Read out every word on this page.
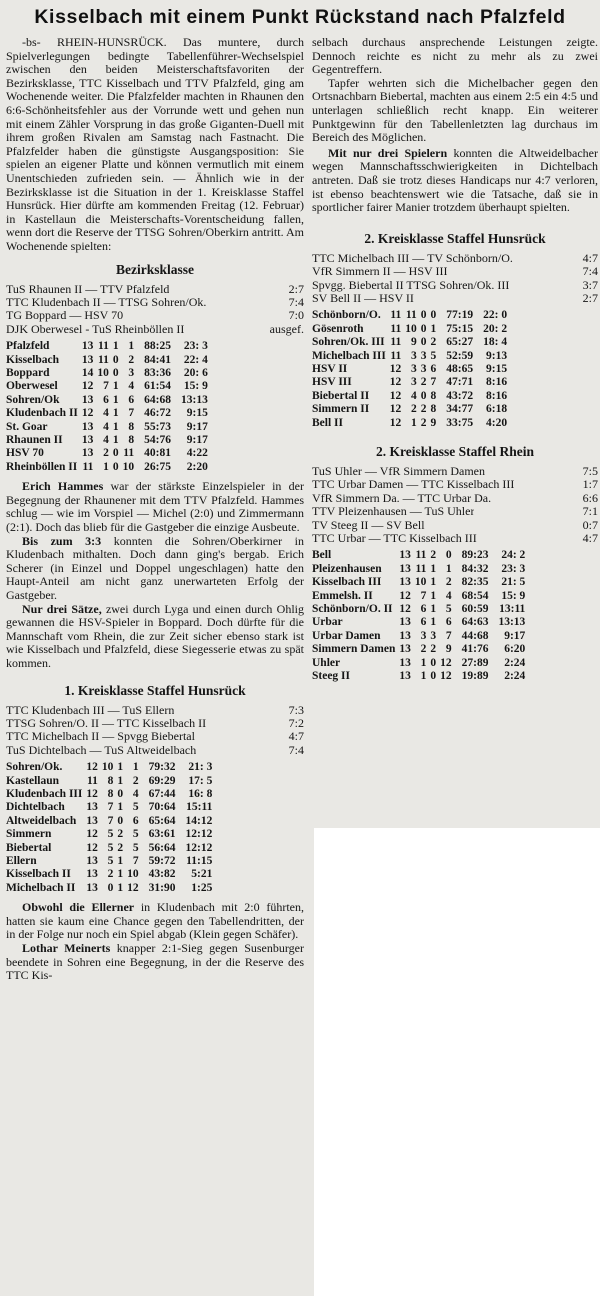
Kisselbach mit einem Punkt Rückstand nach Pfalzfeld

-bs- RHEIN-HUNSRÜCK. Das muntere, durch Spielverlegungen bedingte Tabellenführer-Wechselspiel zwischen den beiden Meisterschaftsfavoriten der Bezirksklasse, TTC Kisselbach und TTV Pfalzfeld, ging am Wochenende weiter. Die Pfalzfelder machten in Rhaunen den 6:6-Schönheitsfehler aus der Vorrunde wett und gehen nun mit einem Zähler Vorsprung in das große Giganten-Duell mit ihrem großen Rivalen am Samstag nach Fastnacht. Die Pfalzfelder haben die günstigste Ausgangsposition: Sie spielen an eigener Platte und können vermutlich mit einem Unentschieden zufrieden sein. — Ähnlich wie in der Bezirksklasse ist die Situation in der 1. Kreisklasse Staffel Hunsrück. Hier dürfte am kommenden Freitag (12. Februar) in Kastellaun die Meisterschafts-Vorentscheidung fallen, wenn dort die Reserve der TTSG Sohren/Oberkirn antritt. Am Wochenende spielten:

Bezirksklasse
TuS Rhaunen II — TTV Pfalzfeld	2:7
TTC Kludenbach II — TTSG Sohren/Ok.	7:4
TG Boppard — HSV 70	7:0
DJK Oberwesel - TuS Rheinböllen II	ausgef.
Pfalzfeld	13	11	1	1	88:25	23: 3
Kisselbach	13	11	0	2	84:41	22: 4
Boppard	14	10	0	3	83:36	20: 6
Oberwesel	12	7	1	4	61:54	15: 9
Sohren/Ok	13	6	1	6	64:68	13:13
Kludenbach II	12	4	1	7	46:72	9:15
St. Goar	13	4	1	8	55:73	9:17
Rhaunen II	13	4	1	8	54:76	9:17
HSV 70	13	2	0	11	40:81	4:22
Rheinböllen II	11	1	0	10	26:75	2:20

Erich Hammes war der stärkste Einzelspieler in der Begegnung der Rhaunener mit dem TTV Pfalzfeld. Hammes schlug — wie im Vorspiel — Michel (2:0) und Zimmermann (2:1). Doch das blieb für die Gastgeber die einzige Ausbeute.

Bis zum 3:3 konnten die Sohren/Oberkirner in Kludenbach mithalten. Doch dann ging's bergab. Erich Scherer (in Einzel und Doppel ungeschlagen) hatte den Haupt-Anteil am nicht ganz unerwarteten Erfolg der Gastgeber.

Nur drei Sätze, zwei durch Lyga und einen durch Ohlig gewannen die HSV-Spieler in Boppard. Doch dürfte für die Mannschaft vom Rhein, die zur Zeit sicher ebenso stark ist wie Kisselbach und Pfalzfeld, diese Siegesserie etwas zu spät kommen.

1. Kreisklasse Staffel Hunsrück
TTC Kludenbach III — TuS Ellern	7:3
TTSG Sohren/O. II — TTC Kisselbach II	7:2
TTC Michelbach II — Spvgg Biebertal	4:7
TuS Dichtelbach — TuS Altweidelbach	7:4
Sohren/Ok.	12	10	1	1	79:32	21: 3
Kastellaun	11	8	1	2	69:29	17: 5
Kludenbach III	12	8	0	4	67:44	16: 8
Dichtelbach	13	7	1	5	70:64	15:11
Altweidelbach	13	7	0	6	65:64	14:12
Simmern	12	5	2	5	63:61	12:12
Biebertal	12	5	2	5	56:64	12:12
Ellern	13	5	1	7	59:72	11:15
Kisselbach II	13	2	1	10	43:82	5:21
Michelbach II	13	0	1	12	31:90	1:25

Obwohl die Ellerner in Kludenbach mit 2:0 führten, hatten sie kaum eine Chance gegen den Tabellendritten, der in der Folge nur noch ein Spiel abgab (Klein gegen Schäfer).

Lothar Meinerts knapper 2:1-Sieg gegen Susenburger beendete in Sohren eine Begegnung, in der die Reserve des TTC Kis-

selbach durchaus ansprechende Leistungen zeigte. Dennoch reichte es nicht zu mehr als zu zwei Gegentreffern.

Tapfer wehrten sich die Michelbacher gegen den Ortsnachbarn Biebertal, machten aus einem 2:5 ein 4:5 und unterlagen schließlich recht knapp. Ein weiterer Punktgewinn für den Tabellenletzten lag durchaus im Bereich des Möglichen.

Mit nur drei Spielern konnten die Altweidelbacher wegen Mannschaftsschwierigkeiten in Dichtelbach antreten. Daß sie trotz dieses Handicaps nur 4:7 verloren, ist ebenso beachtenswert wie die Tatsache, daß sie in sportlicher fairer Manier trotzdem überhaupt spielten.

2. Kreisklasse Staffel Hunsrück
TTC Michelbach III — TV Schönborn/O.	4:7
VfR Simmern II — HSV III	7:4
Spvgg. Biebertal II TTSG Sohren/Ok. III	3:7
SV Bell II — HSV II	2:7
Schönborn/O.	11	11	0	0	77:19	22: 0
Gösenroth	11	10	0	1	75:15	20: 2
Sohren/Ok. III	11	9	0	2	65:27	18: 4
Michelbach III	11	3	3	5	52:59	9:13
HSV II	12	3	3	6	48:65	9:15
HSV III	12	3	2	7	47:71	8:16
Biebertal II	12	4	0	8	43:72	8:16
Simmern II	12	2	2	8	34:77	6:18
Bell II	12	1	2	9	33:75	4:20
2. Kreisklasse Staffel Rhein
TuS Uhler — VfR Simmern Damen	7:5
TTC Urbar Damen — TTC Kisselbach III	1:7
VfR Simmern Da. — TTC Urbar Da.	6:6
TTV Pleizenhausen — TuS Uhler	7:1
TV Steeg II — SV Bell	0:7
TTC Urbar — TTC Kisselbach III	4:7
Bell	13	11	2	0	89:23	24: 2
Pleizenhausen	13	11	1	1	84:32	23: 3
Kisselbach III	13	10	1	2	82:35	21: 5
Emmelsh. II	12	7	1	4	68:54	15: 9
Schönborn/O. II	12	6	1	5	60:59	13:11
Urbar	13	6	1	6	64:63	13:13
Urbar Damen	13	3	3	7	44:68	9:17
Simmern Damen	13	2	2	9	41:76	6:20
Uhler	13	1	0	12	27:89	2:24
Steeg II	13	1	0	12	19:89	2:24
